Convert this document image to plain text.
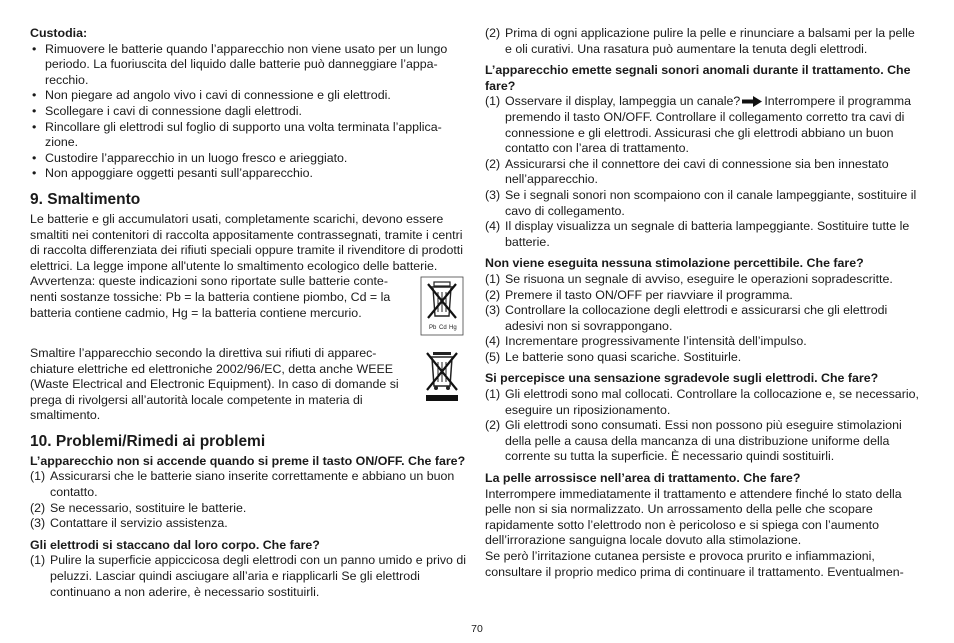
Custodia:

• Rimuovere le batterie quando l’apparecchio non viene usato per un lungo periodo. La fuoriuscita del liquido dalle batterie può danneggiare l’apparecchio.
• Non piegare ad angolo vivo i cavi di connessione e gli elettrodi.
• Scollegare i cavi di connessione dagli elettrodi.
• Rincollare gli elettrodi sul foglio di supporto una volta terminata l’applicazione.
• Custodire l’apparecchio in un luogo fresco e arieggiato.
• Non appoggiare oggetti pesanti sull’apparecchio.
9. Smaltimento

Le batterie e gli accumulatori usati, completamente scarichi, devono essere smaltiti nei contenitori di raccolta appositamente contrassegnati, tramite i centri di raccolta differenziata dei rifiuti speciali oppure tramite il rivenditore di prodotti elettrici. La legge impone all'utente lo smaltimento ecologico delle batterie.

Avvertenza: queste indicazioni sono riportate sulle batterie contenenti sostanze tossiche: Pb = la batteria contiene piombo, Cd = la batteria contiene cadmio, Hg = la batteria contiene mercurio.

Pb Cd Hg

Smaltire l’apparecchio secondo la direttiva sui rifiuti di apparecchiature elettriche ed elettroniche 2002/96/EC, detta anche WEEE (Waste Electrical and Electronic Equipment). In caso di domande si prega di rivolgersi all’autorità locale competente in materia di smaltimento.

10. Problemi/Rimedi ai problemi

L’apparecchio non si accende quando si preme il tasto ON/OFF. Che fare?

(1) Assicurarsi che le batterie siano inserite correttamente e abbiano un buon contatto.
(2) Se necessario, sostituire le batterie.
(3) Contattare il servizio assistenza.

Gli elettrodi si staccano dal loro corpo. Che fare?

(1) Pulire la superficie appiccicosa degli elettrodi con un panno umido e privo di peluzzi. Lasciar quindi asciugare all’aria e riapplicarli Se gli elettrodi continuano a non aderire, è necessario sostituirli.
(2) Prima di ogni applicazione pulire la pelle e rinunciare a balsami per la pelle e oli curativi. Una rasatura può aumentare la tenuta degli elettrodi.

L’apparecchio emette segnali sonori anomali durante il trattamento. Che fare?

(1) Osservare il display, lampeggia un canale? Interrompere il programma premendo il tasto ON/OFF. Controllare il collegamento corretto tra cavi di connessione e gli elettrodi. Assicurasi che gli elettrodi abbiano un buon contatto con l’area di trattamento.
(2) Assicurarsi che il connettore dei cavi di connessione sia ben innestato nell’apparecchio.
(3) Se i segnali sonori non scompaiono con il canale lampeggiante, sostituire il cavo di collegamento.
(4) Il display visualizza un segnale di batteria lampeggiante. Sostituire tutte le batterie.

Non viene eseguita nessuna stimolazione percettibile. Che fare?

(1) Se risuona un segnale di avviso, eseguire le operazioni sopradescritte.
(2) Premere il tasto ON/OFF per riavviare il programma.
(3) Controllare la collocazione degli elettrodi e assicurarsi che gli elettrodi adesivi non si sovrappongano.
(4) Incrementare progressivamente l’intensità dell’impulso.
(5) Le batterie sono quasi scariche. Sostituirle.

Si percepisce una sensazione sgradevole sugli elettrodi. Che fare?

(1) Gli elettrodi sono mal collocati. Controllare la collocazione e, se necessario, eseguire un riposizionamento.
(2) Gli elettrodi sono consumati. Essi non possono più eseguire stimolazioni della pelle a causa della mancanza di una distribuzione uniforme della corrente su tutta la superficie. È necessario quindi sostituirli.

La pelle arrossisce nell’area di trattamento. Che fare?

Interrompere immediatamente il trattamento e attendere finché lo stato della pelle non si sia normalizzato. Un arrossamento della pelle che scopare rapidamente sotto l’elettrodo non è pericoloso e si spiega con l’aumento dell’irrorazione sanguigna locale dovuto alla stimolazione.

Se però l’irritazione cutanea persiste e provoca prurito e infiammazioni, consultare il proprio medico prima di continuare il trattamento. Eventualmen-

70
